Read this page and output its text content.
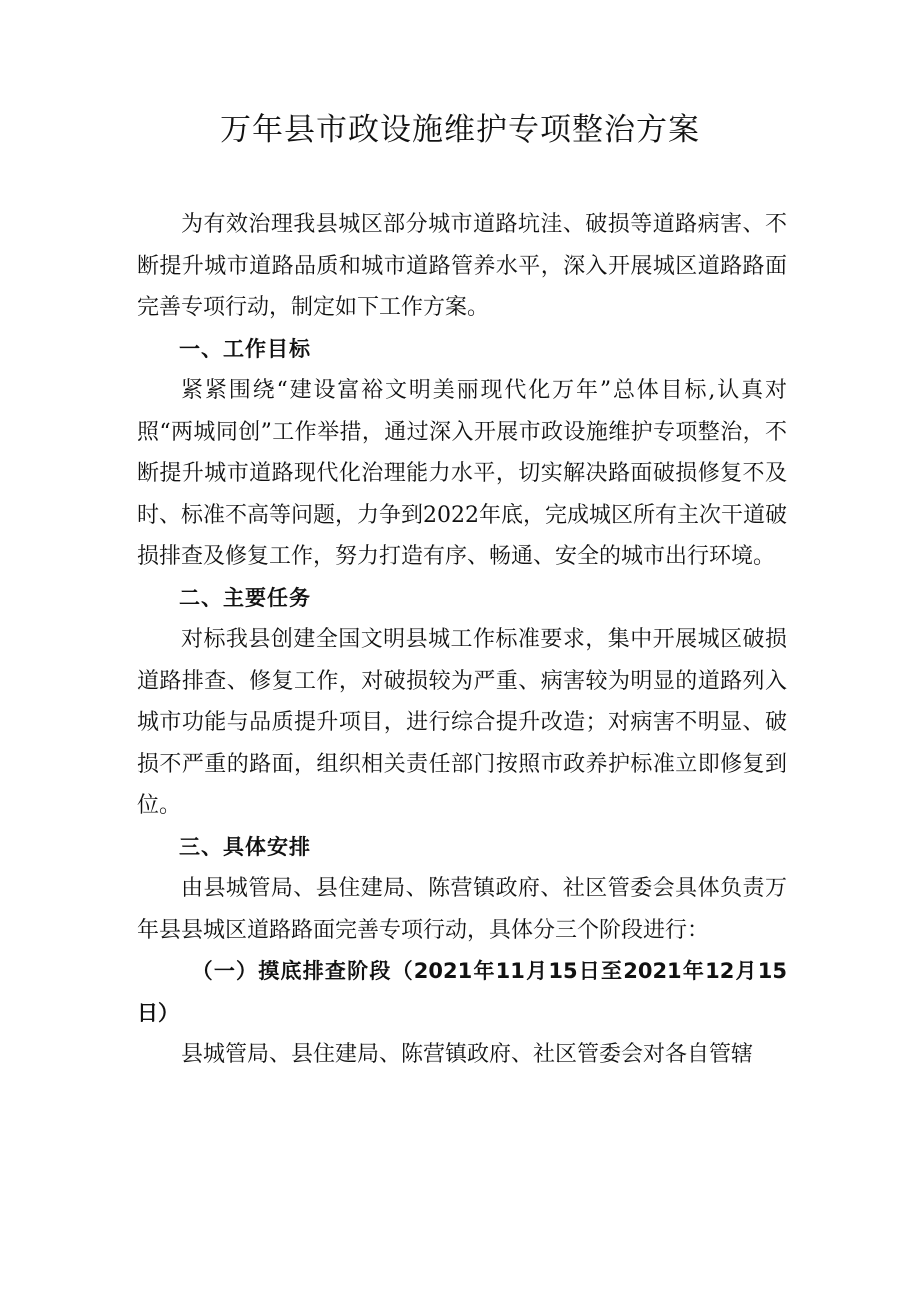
万年县市政设施维护专项整治方案

为有效治理我县城区部分城市道路坑洼、破损等道路病害、不断提升城市道路品质和城市道路管养水平，深入开展城区道路路面完善专项行动，制定如下工作方案。

一、工作目标

紧紧围绕“建设富裕文明美丽现代化万年”总体目标,认真对照“两城同创”工作举措，通过深入开展市政设施维护专项整治，不断提升城市道路现代化治理能力水平，切实解决路面破损修复不及时、标准不高等问题，力争到2022年底，完成城区所有主次干道破损排查及修复工作，努力打造有序、畅通、安全的城市出行环境。

二、主要任务

对标我县创建全国文明县城工作标准要求，集中开展城区破损道路排查、修复工作，对破损较为严重、病害较为明显的道路列入城市功能与品质提升项目，进行综合提升改造；对病害不明显、破损不严重的路面，组织相关责任部门按照市政养护标准立即修复到位。

三、具体安排

由县城管局、县住建局、陈营镇政府、社区管委会具体负责万年县县城区道路路面完善专项行动，具体分三个阶段进行：

（一）摸底排查阶段（2021年11月15日至2021年12月15日）

县城管局、县住建局、陈营镇政府、社区管委会对各自管辖
